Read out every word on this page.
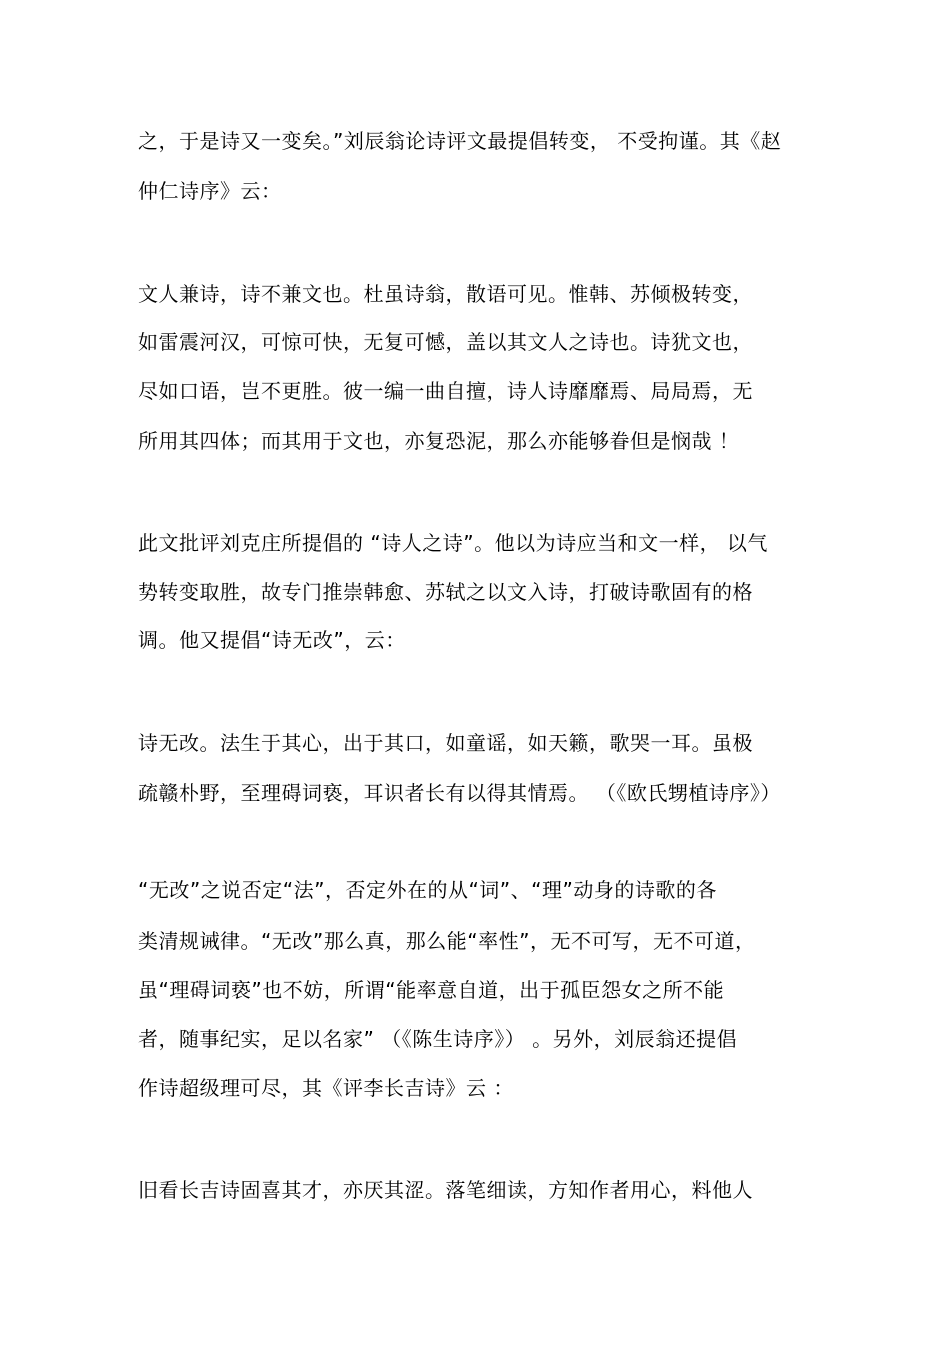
之，于是诗又一变矣。”刘辰翁论诗评文最提倡转变， 不受拘谨。其《赵
仲仁诗序》云：
文人兼诗，诗不兼文也。杜虽诗翁，散语可见。惟韩、苏倾极转变，
如雷震河汉，可惊可快，无复可憾，盖以其文人之诗也。诗犹文也，
尽如口语，岂不更胜。彼一编一曲自擅，诗人诗靡靡焉、局局焉，无
所用其四体；而其用于文也，亦复恐泥，那么亦能够眷但是悯哉 ！
此文批评刘克庄所提倡的 “诗人之诗”。他以为诗应当和文一样， 以气
势转变取胜，故专门推崇韩愈、苏轼之以文入诗，打破诗歌固有的格
调。他又提倡“诗无改”，云：
诗无改。法生于其心，出于其口，如童谣，如天籁，歌哭一耳。虽极
疏赣朴野，至理碍词亵，耳识者长有以得其情焉。 （《欧氏甥植诗序》）
“无改”之说否定“法”，否定外在的从“词”、“理”动身的诗歌的各
类清规诫律。“无改”那么真，那么能“率性”，无不可写，无不可道，
虽“理碍词亵”也不妨，所谓“能率意自道，出于孤臣怨女之所不能
者，随事纪实，足以名家” （《陈生诗序》） 。另外，刘辰翁还提倡
作诗超级理可尽，其《评李长吉诗》云 ：
旧看长吉诗固喜其才，亦厌其涩。落笔细读，方知作者用心，料他人
